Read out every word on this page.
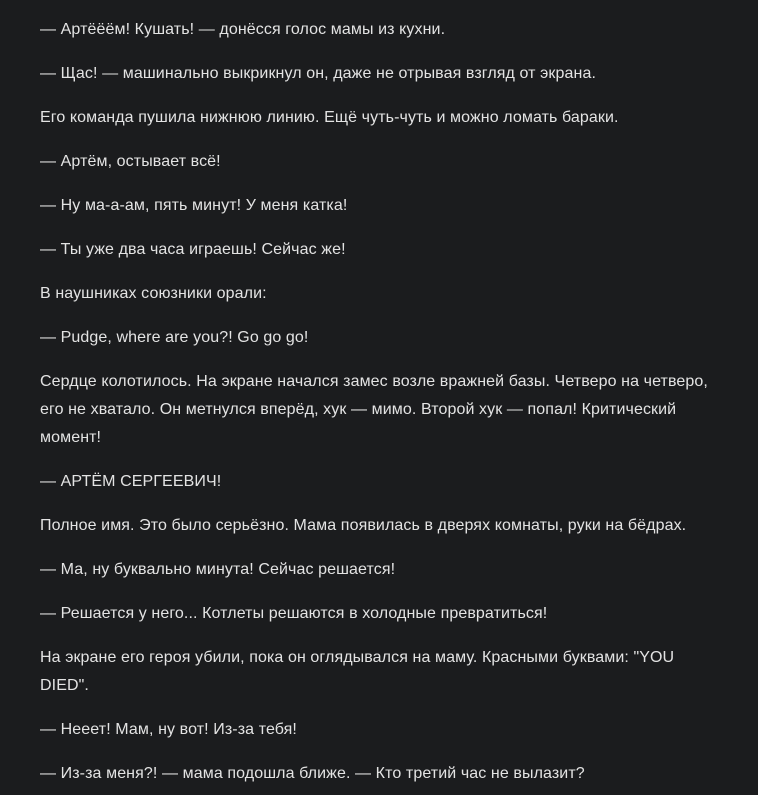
— Артёёём! Кушать! — донёсся голос мамы из кухни.

— Щас! — машинально выкрикнул он, даже не отрывая взгляд от экрана.

Его команда пушила нижнюю линию. Ещё чуть-чуть и можно ломать бараки.

— Артём, остывает всё!

— Ну ма-а-ам, пять минут! У меня катка!

— Ты уже два часа играешь! Сейчас же!

В наушниках союзники орали:

— Pudge, where are you?! Go go go!

Сердце колотилось. На экране начался замес возле вражней базы. Четверо на четверо, его не хватало. Он метнулся вперёд, хук — мимо. Второй хук — попал! Критический момент!

— АРТЁМ СЕРГЕЕВИЧ!

Полное имя. Это было серьёзно. Мама появилась в дверях комнаты, руки на бёдрах.

— Ма, ну буквально минута! Сейчас решается!

— Решается у него... Котлеты решаются в холодные превратиться!

На экране его героя убили, пока он оглядывался на маму. Красными буквами: "YOU DIED".

— Нееет! Мам, ну вот! Из-за тебя!

— Из-за меня?! — мама подошла ближе. — Кто третий час не вылазит?
